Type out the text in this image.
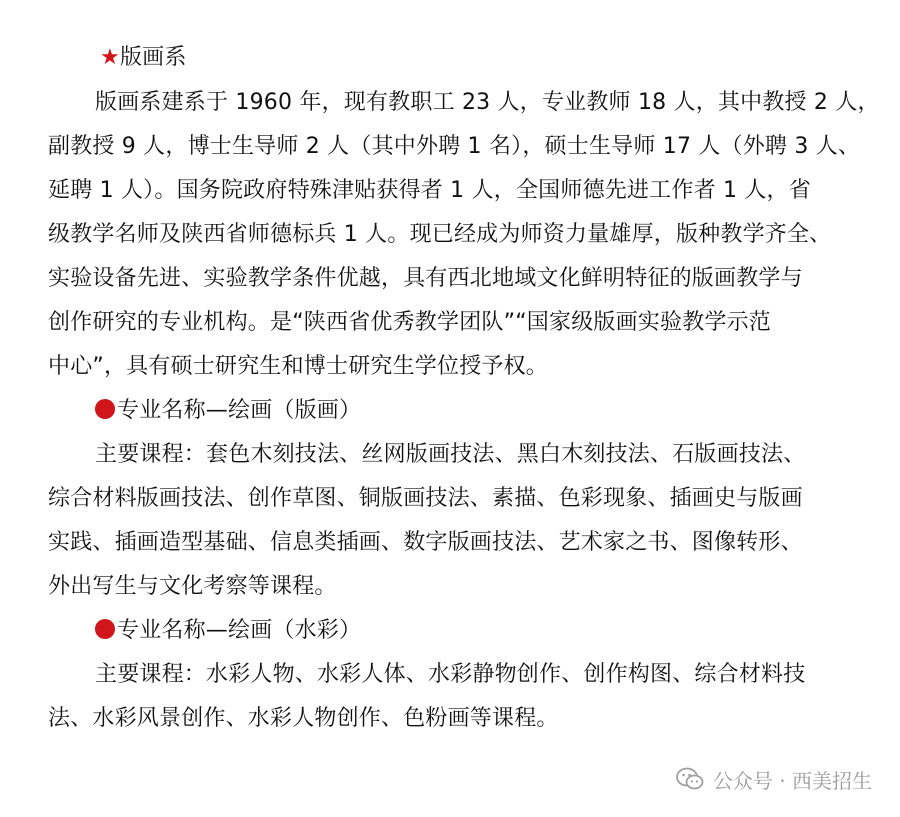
★版画系
版画系建系于 1960 年，现有教职工 23 人，专业教师 18 人，其中教授 2 人，
副教授 9 人，博士生导师 2 人（其中外聘 1 名），硕士生导师 17 人（外聘 3 人、
延聘 1 人）。国务院政府特殊津贴获得者 1 人，全国师德先进工作者 1 人，省
级教学名师及陕西省师德标兵 1 人。现已经成为师资力量雄厚，版种教学齐全、
实验设备先进、实验教学条件优越，具有西北地域文化鲜明特征的版画教学与
创作研究的专业机构。是“陕西省优秀教学团队”“国家级版画实验教学示范
中心”，具有硕士研究生和博士研究生学位授予权。
专业名称—绘画（版画）
主要课程：套色木刻技法、丝网版画技法、黑白木刻技法、石版画技法、
综合材料版画技法、创作草图、铜版画技法、素描、色彩现象、插画史与版画
实践、插画造型基础、信息类插画、数字版画技法、艺术家之书、图像转形、
外出写生与文化考察等课程。
专业名称—绘画（水彩）
主要课程：水彩人物、水彩人体、水彩静物创作、创作构图、综合材料技
法、水彩风景创作、水彩人物创作、色粉画等课程。
公众号 · 西美招生
